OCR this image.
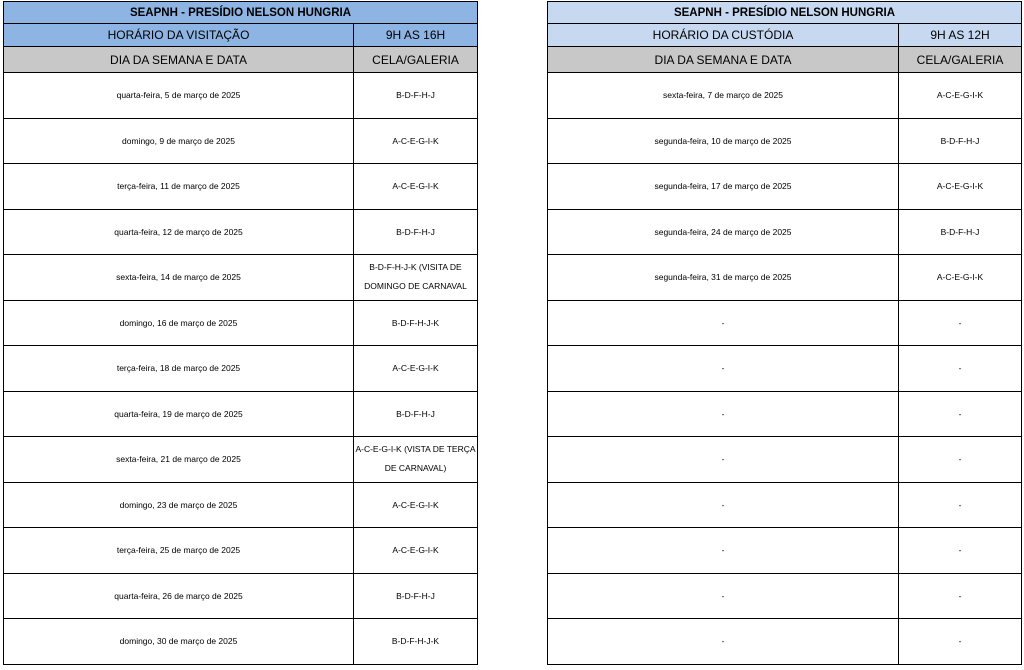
SEAPNH - PRESÍDIO NELSON HUNGRIA	
HORÁRIO DA VISITAÇÃO	9H AS 16H
DIA DA SEMANA E DATA	CELA/GALERIA
quarta-feira, 5 de março de 2025	B-D-F-H-J
domingo, 9 de março de 2025	A-C-E-G-I-K
terça-feira, 11 de março de 2025	A-C-E-G-I-K
quarta-feira, 12 de março de 2025	B-D-F-H-J
sexta-feira, 14 de março de 2025	B-D-F-H-J-K (VISITA DE DOMINGO DE CARNAVAL
domingo, 16 de março de 2025	B-D-F-H-J-K
terça-feira, 18 de março de 2025	A-C-E-G-I-K
quarta-feira, 19 de março de 2025	B-D-F-H-J
sexta-feira, 21 de março de 2025	A-C-E-G-I-K (VISTA DE TERÇA DE CARNAVAL)
domingo, 23 de março de 2025	A-C-E-G-I-K
terça-feira, 25 de março de 2025	A-C-E-G-I-K
quarta-feira, 26 de março de 2025	B-D-F-H-J
domingo, 30 de março de 2025	B-D-F-H-J-K
SEAPNH - PRESÍDIO NELSON HUNGRIA	
HORÁRIO DA CUSTÓDIA	9H AS 12H
DIA DA SEMANA E DATA	CELA/GALERIA
sexta-feira, 7 de março de 2025	A-C-E-G-I-K
segunda-feira, 10 de março de 2025	B-D-F-H-J
segunda-feira, 17 de março de 2025	A-C-E-G-I-K
segunda-feira, 24 de março de 2025	B-D-F-H-J
segunda-feira, 31 de março de 2025	A-C-E-G-I-K
-	-
-	-
-	-
-	-
-	-
-	-
-	-
-	-
